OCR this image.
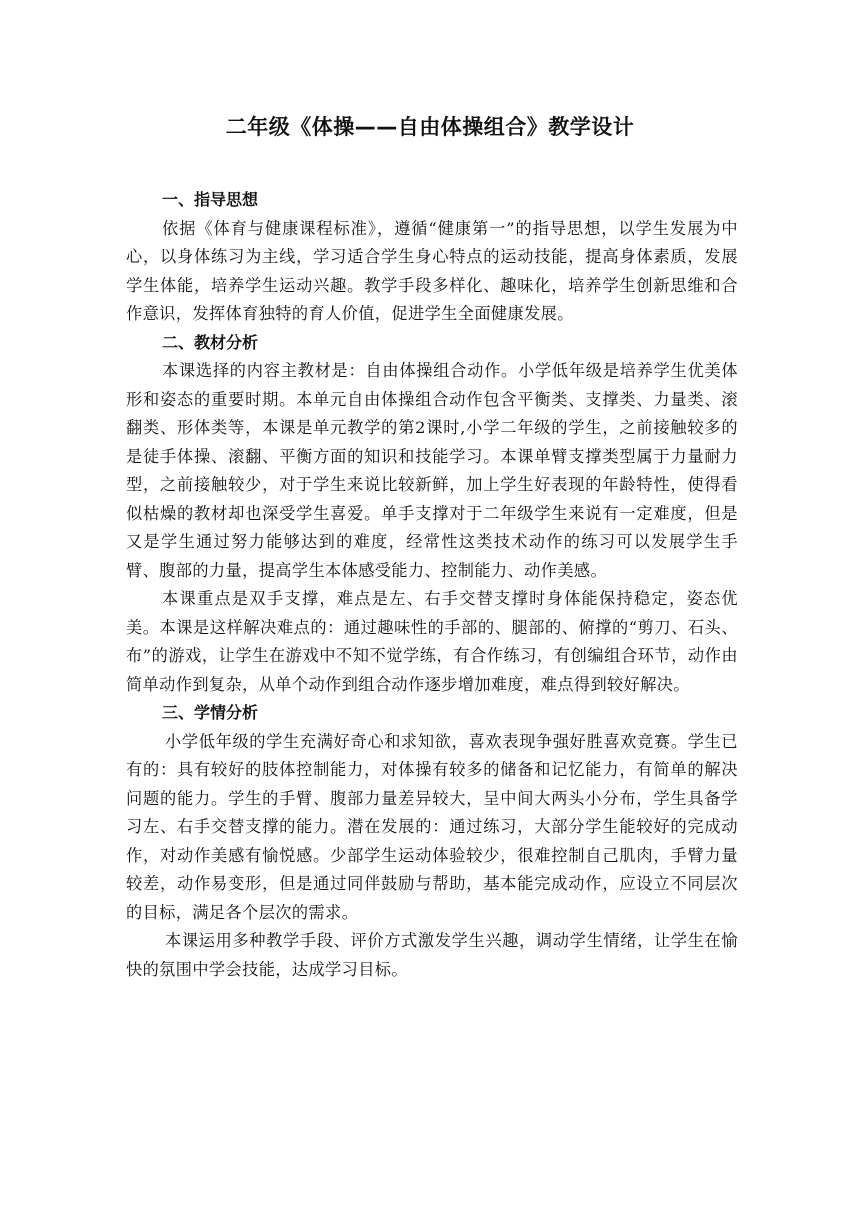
二年级《体操——自由体操组合》教学设计

一、指导思想

依据《体育与健康课程标准》，遵循“健康第一”的指导思想，以学生发展为中心，以身体练习为主线，学习适合学生身心特点的运动技能，提高身体素质，发展学生体能，培养学生运动兴趣。教学手段多样化、趣味化，培养学生创新思维和合作意识，发挥体育独特的育人价值，促进学生全面健康发展。

二、教材分析

本课选择的内容主教材是：自由体操组合动作。小学低年级是培养学生优美体形和姿态的重要时期。本单元自由体操组合动作包含平衡类、支撑类、力量类、滚翻类、形体类等，本课是单元教学的第2课时,小学二年级的学生，之前接触较多的是徒手体操、滚翻、平衡方面的知识和技能学习。本课单臂支撑类型属于力量耐力型，之前接触较少，对于学生来说比较新鲜，加上学生好表现的年龄特性，使得看似枯燥的教材却也深受学生喜爱。单手支撑对于二年级学生来说有一定难度，但是又是学生通过努力能够达到的难度，经常性这类技术动作的练习可以发展学生手臂、腹部的力量，提高学生本体感受能力、控制能力、动作美感。

本课重点是双手支撑，难点是左、右手交替支撑时身体能保持稳定，姿态优美。本课是这样解决难点的：通过趣味性的手部的、腿部的、俯撑的“剪刀、石头、布”的游戏，让学生在游戏中不知不觉学练，有合作练习，有创编组合环节，动作由简单动作到复杂，从单个动作到组合动作逐步增加难度，难点得到较好解决。

三、学情分析

小学低年级的学生充满好奇心和求知欲，喜欢表现争强好胜喜欢竞赛。学生已有的：具有较好的肢体控制能力，对体操有较多的储备和记忆能力，有简单的解决问题的能力。学生的手臂、腹部力量差异较大，呈中间大两头小分布，学生具备学习左、右手交替支撑的能力。潜在发展的：通过练习，大部分学生能较好的完成动作，对动作美感有愉悦感。少部学生运动体验较少，很难控制自己肌肉，手臂力量较差，动作易变形，但是通过同伴鼓励与帮助，基本能完成动作，应设立不同层次的目标，满足各个层次的需求。

本课运用多种教学手段、评价方式激发学生兴趣，调动学生情绪，让学生在愉快的氛围中学会技能，达成学习目标。
